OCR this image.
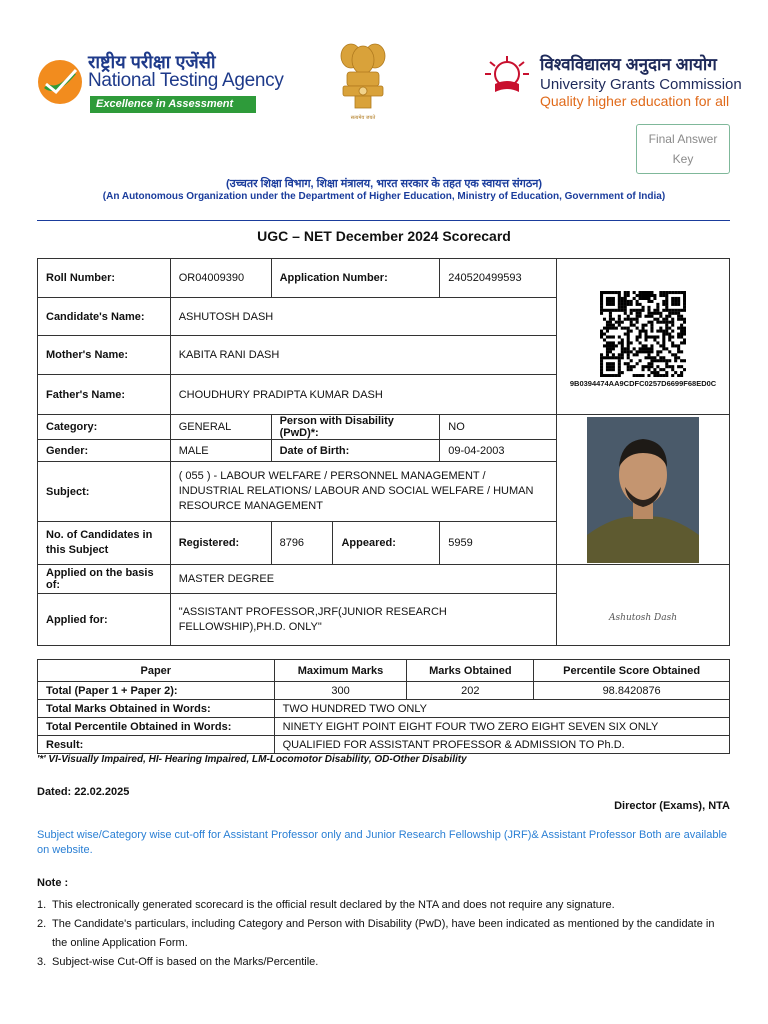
राष्ट्रीय परीक्षा एजेंसी
National Testing Agency
Excellence in Assessment
सत्यमेव जयते
विश्वविद्यालय अनुदान आयोग
University Grants Commission
Quality higher education for all
Final Answer Key
(उच्चतर शिक्षा विभाग, शिक्षा मंत्रालय, भारत सरकार के तहत एक स्वायत्त संगठन)
(An Autonomous Organization under the Department of Higher Education, Ministry of Education, Government of India)
UGC – NET December 2024 Scorecard
Roll Number:	OR04009390	Application Number:		240520499593	9B0394474AA9CDFC0257D6699F68ED0C

Candidate's Name:	ASHUTOSH DASH				
Mother's Name:	KABITA RANI DASH				
Father's Name:	CHOUDHURY PRADIPTA KUMAR DASH				
Category:	GENERAL	Person with Disability (PwD)*:		NO	

Gender:	MALE	Date of Birth:		09-04-2003	
Subject:	( 055 ) - LABOUR WELFARE / PERSONNEL MANAGEMENT / INDUSTRIAL RELATIONS/ LABOUR AND SOCIAL WELFARE / HUMAN RESOURCE MANAGEMENT				
No. of Candidates in this Subject	Registered:	8796	Appeared:	5959	
Applied on the basis of:	MASTER DEGREE				Ashutosh Dash

Applied for:	"ASSISTANT PROFESSOR,JRF(JUNIOR RESEARCH FELLOWSHIP),PH.D. ONLY"				
Paper	Maximum Marks	Marks Obtained	Percentile Score Obtained
Total (Paper 1 + Paper 2):	300	202	98.8420876
Total Marks Obtained in Words:	TWO HUNDRED TWO ONLY		
Total Percentile Obtained in Words:	NINETY EIGHT POINT EIGHT FOUR TWO ZERO EIGHT SEVEN SIX ONLY		
Result:	QUALIFIED FOR ASSISTANT PROFESSOR & ADMISSION TO Ph.D.		
'*' VI-Visually Impaired, HI- Hearing Impaired, LM-Locomotor Disability, OD-Other Disability
Dated: 22.02.2025
Director (Exams), NTA
Subject wise/Category wise cut-off for Assistant Professor only and Junior Research Fellowship (JRF)& Assistant Professor Both are available on website.
Note :
1. This electronically generated scorecard is the official result declared by the NTA and does not require any signature.
2. The Candidate's particulars, including Category and Person with Disability (PwD), have been indicated as mentioned by the candidate in the online Application Form.
3. Subject-wise Cut-Off is based on the Marks/Percentile.
